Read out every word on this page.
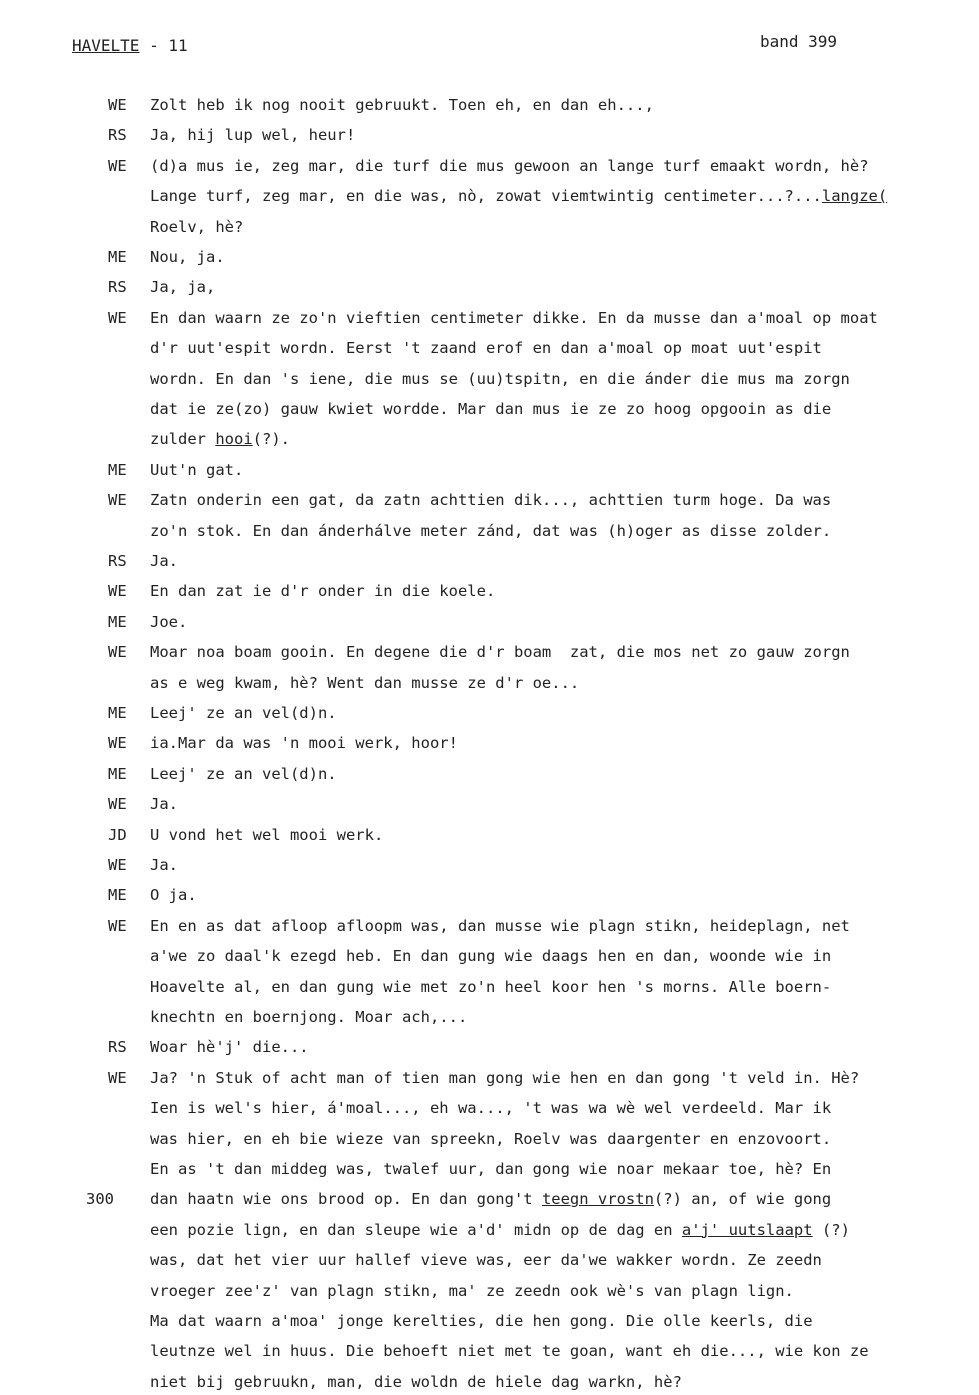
HAVELTE - 11	band 399
WE	Zolt heb ik nog nooit gebruukt. Toen eh, en dan eh...,
RS	Ja, hij lup wel, heur!
WE	(d)a mus ie, zeg mar, die turf die mus gewoon an lange turf emaakt wordn, hè?
Lange turf, zeg mar, en die was, nò, zowat viemtwintig centimeter...?...langze(
Roelv, hè?
ME	Nou, ja.
RS	Ja, ja,
WE	En dan waarn ze zo'n vieftien centimeter dikke. En da musse dan a'moal op moat
d'r uut'espit wordn. Eerst 't zaand erof en dan a'moal op moat uut'espit
wordn. En dan 's iene, die mus se (uu)tspitn, en die ánder die mus ma zorgn
dat ie ze(zo) gauw kwiet wordde. Mar dan mus ie ze zo hoog opgooin as die
zulder hooi(?).
ME	Uut'n gat.
WE	Zatn onderin een gat, da zatn achttien dik..., achttien turm hoge. Da was
zo'n stok. En dan ánderhálve meter zánd, dat was (h)oger as disse zolder.
RS	Ja.
WE	En dan zat ie d'r onder in die koele.
ME	Joe.
WE	Moar noa boam gooin. En degene die d'r boam  zat, die mos net zo gauw zorgn
as e weg kwam, hè? Went dan musse ze d'r oe...
ME	Leej' ze an vel(d)n.
WE	ia.Mar da was 'n mooi werk, hoor!
ME	Leej' ze an vel(d)n.
WE	Ja.
JD	U vond het wel mooi werk.
WE	Ja.
ME	O ja.
WE	En en as dat afloop afloopm was, dan musse wie plagn stikn, heideplagn, net
a'we zo daal'k ezegd heb. En dan gung wie daags hen en dan, woonde wie in
Hoavelte al, en dan gung wie met zo'n heel koor hen 's morns. Alle boern-
knechtn en boernjong. Moar ach,...
RS	Woar hè'j' die...
WE	Ja? 'n Stuk of acht man of tien man gong wie hen en dan gong 't veld in. Hè?
Ien is wel's hier, á'moal..., eh wa..., 't was wa wè wel verdeeld. Mar ik
was hier, en eh bie wieze van spreekn, Roelv was daargenter en enzovoort.
En as 't dan middeg was, twalef uur, dan gong wie noar mekaar toe, hè? En
300 dan haatn wie ons brood op. En dan gong't teegn vrostn(?) an, of wie gong
een pozie lign, en dan sleupe wie a'd' midn op de dag en a'j' uutslaapt (?)
was, dat het vier uur hallef vieve was, eer da'we wakker wordn. Ze zeedn
vroeger zee'z' van plagn stikn, ma' ze zeedn ook wè's van plagn lign.
Ma dat waarn a'moa' jonge kerelties, die hen gong. Die olle keerls, die
leutnze wel in huus. Die behoeft niet met te goan, want eh die..., wie kon ze
niet bij gebruukn, man, die woldn de hiele dag warkn, hè?
